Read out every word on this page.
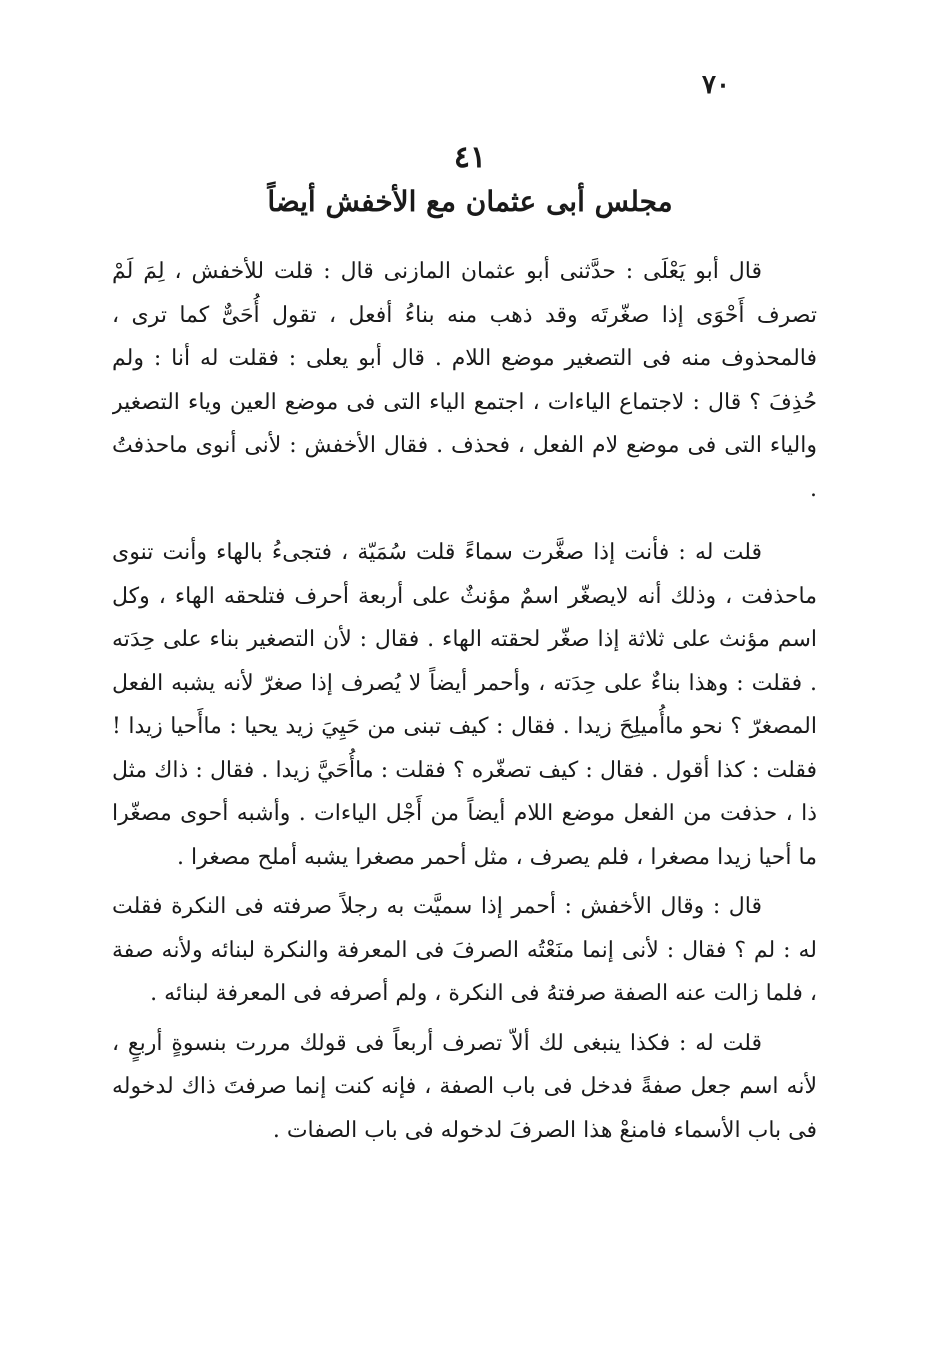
٧٠
٤١
مجلس أبى عثمان مع الأخفش أيضاً

قال أبو يَعْلَى : حدَّثنى أبو عثمان المازنى قال : قلت للأخفش ، لِمَ لَمْ تصرف أَحْوَى إذا صغّرتَه وقد ذهب منه بناءُ أفعل ، تقول أُحَىٌّ كما ترى ، فالمحذوف منه فى التصغير موضع اللام . قال أبو يعلى : فقلت له أنا : ولم حُذِفَ ؟ قال : لاجتماع الياءات ، اجتمع الياء التى فى موضع العين وياء التصغير والياء التى فى موضع لام الفعل ، فحذف . فقال الأخفش : لأنى أنوى ماحذفتُ .

قلت له : فأنت إذا صغَّرت سماءً قلت سُمَيّة ، فتجىءُ بالهاء وأنت تنوى ماحذفت ، وذلك أنه لايصغّر اسمٌ مؤنثٌ على أربعة أحرف فتلحقه الهاء ، وكل اسم مؤنث على ثلاثة إذا صغّر لحقته الهاء . فقال : لأن التصغير بناء على حِدَته . فقلت : وهذا بناءٌ على حِدَته ، وأحمر أيضاً لا يُصرف إذا صغرّ لأنه يشبه الفعل المصغرّ ؟ نحو ماأُميلِحَ زيدا . فقال : كيف تبنى من حَيِيَ زيد يحيا : ماأَحيا زيدا ! فقلت : كذا أقول . فقال : كيف تصغّره ؟ فقلت : ماأُحَيَّ زيدا . فقال : ذاك مثل ذا ، حذفت من الفعل موضع اللام أيضاً من أَجْل الياءات . وأشبه أحوى مصغّرا ما أحيا زيدا مصغرا ، فلم يصرف ، مثل أحمر مصغرا يشبه أملح مصغرا .

قال : وقال الأخفش : أحمر إذا سميَّت به رجلاً صرفته فى النكرة فقلت له : لم ؟ فقال : لأنى إنما منَعْتُه الصرفَ فى المعرفة والنكرة لبنائه ولأنه صفة ، فلما زالت عنه الصفة صرفتهُ فى النكرة ، ولم أصرفه فى المعرفة لبنائه .

قلت له : فكذا ينبغى لك ألاّ تصرف أربعاً فى قولك مررت بنسوةٍ أربعٍ ، لأنه اسم جعل صفةً فدخل فى باب الصفة ، فإنه كنت إنما صرفتَ ذاك لدخوله فى باب الأسماء فامنعْ هذا الصرفَ لدخوله فى باب الصفات .
